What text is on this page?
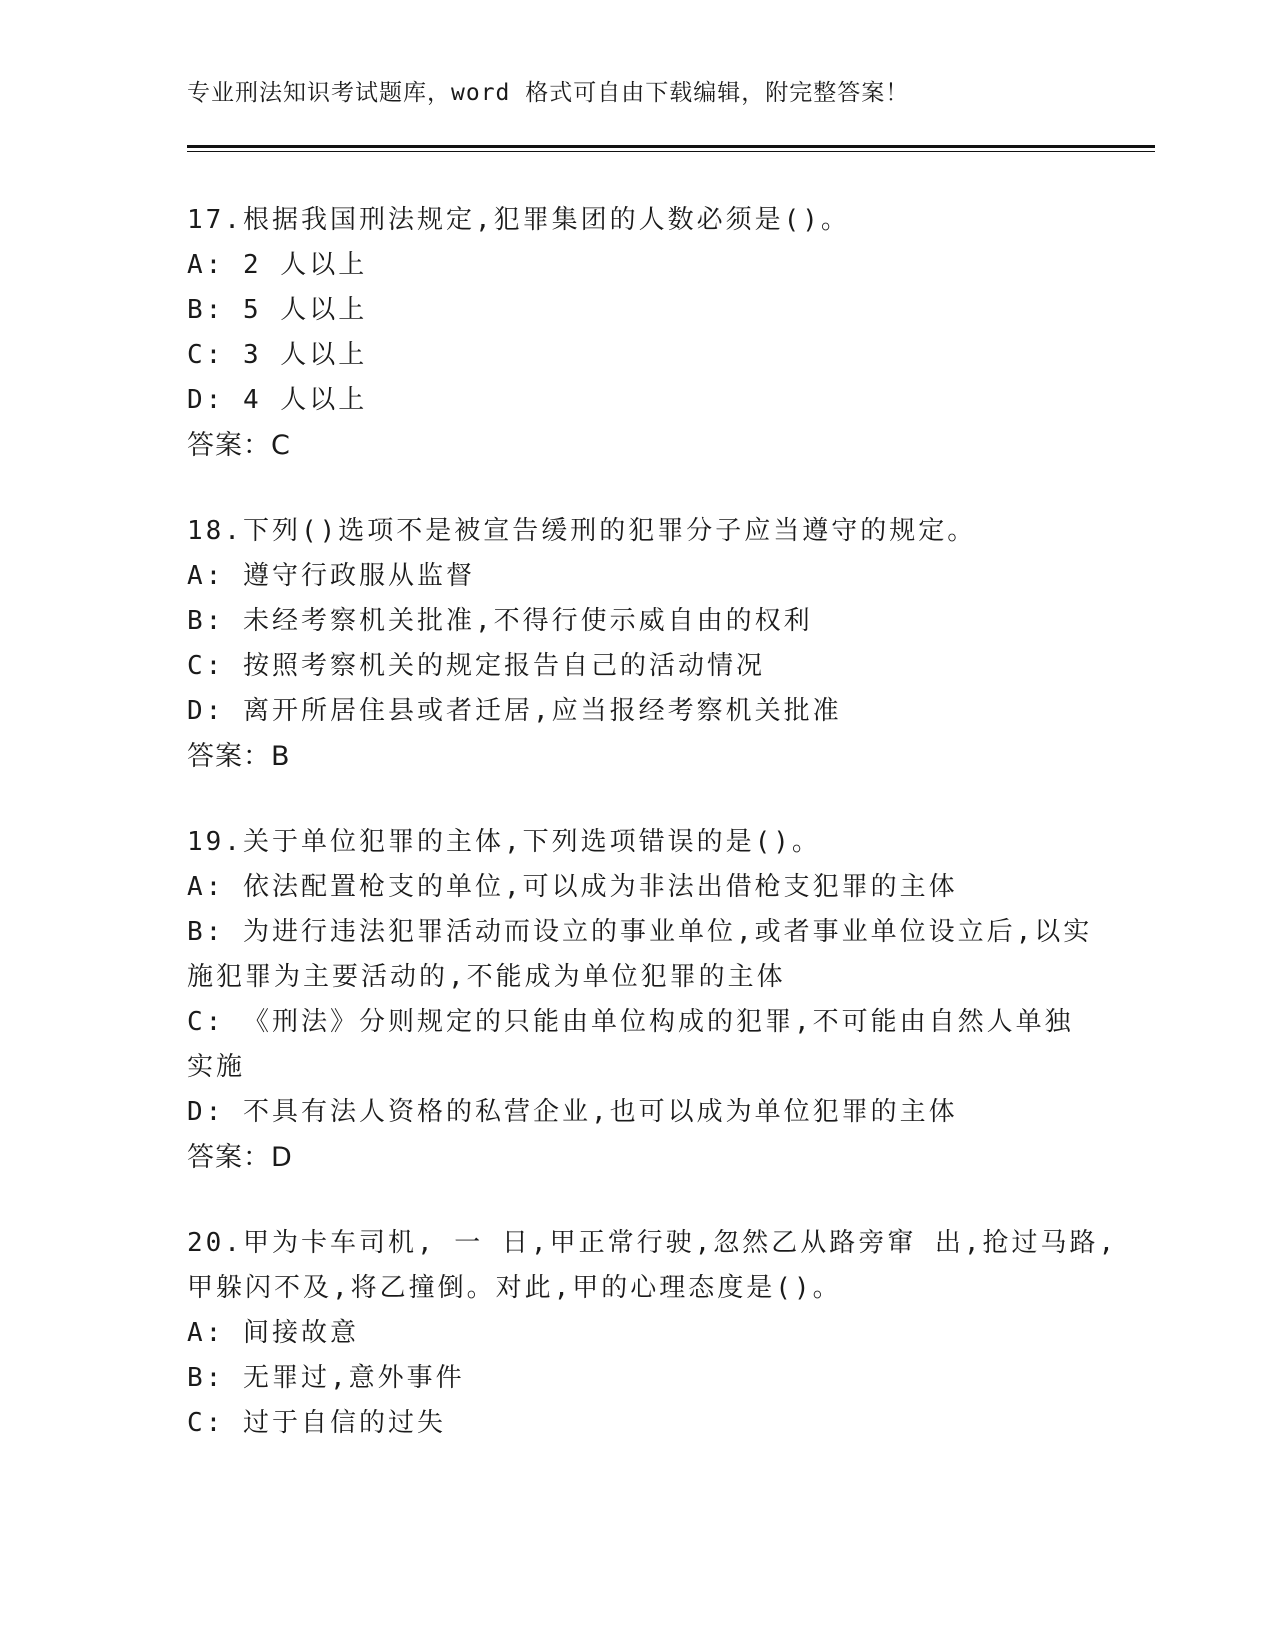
专业刑法知识考试题库，word 格式可自由下载编辑，附完整答案！
17.根据我国刑法规定,犯罪集团的人数必须是()。
A: 2 人以上
B: 5 人以上
C: 3 人以上
D: 4 人以上
答案：C
18.下列()选项不是被宣告缓刑的犯罪分子应当遵守的规定。
A: 遵守行政服从监督
B: 未经考察机关批准,不得行使示威自由的权利
C: 按照考察机关的规定报告自己的活动情况
D: 离开所居住县或者迁居,应当报经考察机关批准
答案：B
19.关于单位犯罪的主体,下列选项错误的是()。
A: 依法配置枪支的单位,可以成为非法出借枪支犯罪的主体
B: 为进行违法犯罪活动而设立的事业单位,或者事业单位设立后,以实
施犯罪为主要活动的,不能成为单位犯罪的主体
C: 《刑法》分则规定的只能由单位构成的犯罪,不可能由自然人单独
实施
D: 不具有法人资格的私营企业,也可以成为单位犯罪的主体
答案：D
20.甲为卡车司机, 一 日,甲正常行驶,忽然乙从路旁窜 出,抢过马路,
甲躲闪不及,将乙撞倒。对此,甲的心理态度是()。
A: 间接故意
B: 无罪过,意外事件
C: 过于自信的过失
